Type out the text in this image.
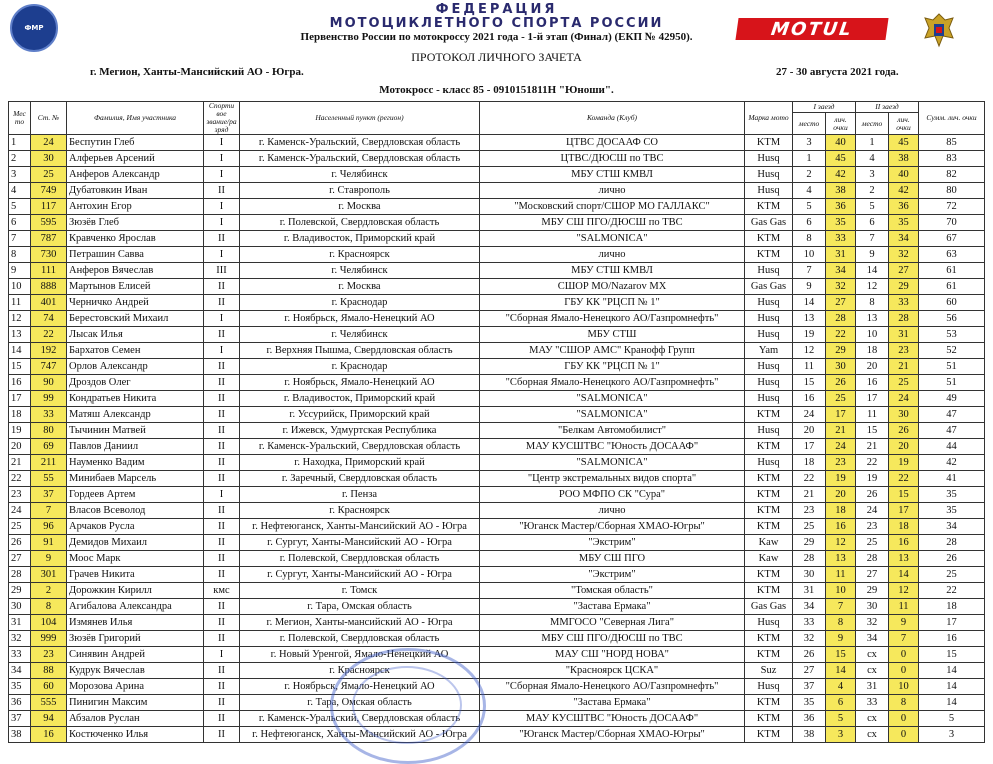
ФМР
ФЕДЕРАЦИЯ
МОТОЦИКЛЕТНОГО СПОРТА РОССИИ
Первенство России по мотокроссу 2021 года - 1-й этап (Финал) (ЕКП № 42950).
ПРОТОКОЛ ЛИЧНОГО ЗАЧЕТА
г. Мегион, Ханты-Мансийский АО - Югра.	27 - 30 августа 2021 года.
Мотокросс - класс 85 - 0910151811Н "Юноши".
MOTUL
Мес то	Ст. №	Фамилия, Имя участника	Спорти вое звание/ра зряд	Населенный пункт (регион)	Команда (Клуб)	Марка мото	I заезд		II заезд		Сумм. лич. очки
							место	лич. очки	место	лич. очки	
1	24	Беспутин Глеб	I	г. Каменск-Уральский, Свердловская область	ЦТВС ДОСААФ СО	KTM	3	40	1	45	85
2	30	Алферьев Арсений	I	г. Каменск-Уральский, Свердловская область	ЦТВС/ДЮСШ по ТВС	Husq	1	45	4	38	83
3	25	Анферов Александр	I	г. Челябинск	МБУ СТШ КМВЛ	Husq	2	42	3	40	82
4	749	Дубатовкин Иван	II	г. Ставрополь	лично	Husq	4	38	2	42	80
5	117	Антохин Егор	I	г. Москва	"Московский спорт/СШОР МО ГАЛЛАКС"	KTM	5	36	5	36	72
6	595	Зюзёв Глеб	I	г. Полевской, Свердловская область	МБУ СШ ПГО/ДЮСШ по ТВС	Gas Gas	6	35	6	35	70
7	787	Кравченко Ярослав	II	г. Владивосток, Приморский край	"SALMONICA"	KTM	8	33	7	34	67
8	730	Петрашин Савва	I	г. Красноярск	лично	KTM	10	31	9	32	63
9	111	Анферов Вячеслав	III	г. Челябинск	МБУ СТШ КМВЛ	Husq	7	34	14	27	61
10	888	Мартынов Елисей	II	г. Москва	СШОР МО/Nazarov MX	Gas Gas	9	32	12	29	61
11	401	Черничко Андрей	II	г. Краснодар	ГБУ КК "РЦСП № 1"	Husq	14	27	8	33	60
12	74	Берестовский Михаил	I	г. Ноябрьск, Ямало-Ненецкий АО	"Сборная Ямало-Ненецкого АО/Газпромнефть"	Husq	13	28	13	28	56
13	22	Лысак Илья	II	г. Челябинск	МБУ СТШ	Husq	19	22	10	31	53
14	192	Бархатов Семен	I	г. Верхняя Пышма, Свердловская область	МАУ "СШОР АМС" Кранофф Групп	Yam	12	29	18	23	52
15	747	Орлов Александр	II	г. Краснодар	ГБУ КК "РЦСП № 1"	Husq	11	30	20	21	51
16	90	Дроздов Олег	II	г. Ноябрьск, Ямало-Ненецкий АО	"Сборная Ямало-Ненецкого АО/Газпромнефть"	Husq	15	26	16	25	51
17	99	Кондратьев Никита	II	г. Владивосток, Приморский край	"SALMONICA"	Husq	16	25	17	24	49
18	33	Матяш Александр	II	г. Уссурийск, Приморский край	"SALMONICA"	KTM	24	17	11	30	47
19	80	Тычинин Матвей	II	г. Ижевск, Удмуртская Республика	"Белкам Автомобилист"	Husq	20	21	15	26	47
20	69	Павлов Даниил	II	г. Каменск-Уральский, Свердловская область	МАУ КУСШТВС "Юность ДОСААФ"	KTM	17	24	21	20	44
21	211	Науменко Вадим	II	г. Находка, Приморский край	"SALMONICA"	Husq	18	23	22	19	42
22	55	Минибаев Марсель	II	г. Заречный, Свердловская область	"Центр экстремальных видов спорта"	KTM	22	19	19	22	41
23	37	Гордеев Артем	I	г. Пенза	РОО МФПО СК "Сура"	KTM	21	20	26	15	35
24	7	Власов Всеволод	II	г. Красноярск	лично	KTM	23	18	24	17	35
25	96	Арчаков Русла	II	г. Нефтеюганск, Ханты-Мансийский АО - Югра	"Юганск Мастер/Сборная ХМАО-Югры"	KTM	25	16	23	18	34
26	91	Демидов Михаил	II	г. Сургут, Ханты-Мансийский АО - Югра	"Экстрим"	Kaw	29	12	25	16	28
27	9	Моос Марк	II	г. Полевской, Свердловская область	МБУ СШ ПГО	Kaw	28	13	28	13	26
28	301	Грачев Никита	II	г. Сургут, Ханты-Мансийский АО - Югра	"Экстрим"	KTM	30	11	27	14	25
29	2	Дорожкин Кирилл	кмс	г. Томск	"Томская область"	KTM	31	10	29	12	22
30	8	Агибалова Александра	II	г. Тара, Омская область	"Застава Ермака"	Gas Gas	34	7	30	11	18
31	104	Измянев Илья	II	г. Мегион, Ханты-мансийский АО - Югра	ММГОСО "Северная Лига"	Husq	33	8	32	9	17
32	999	Зюзёв Григорий	II	г. Полевской, Свердловская область	МБУ СШ ПГО/ДЮСШ по ТВС	KTM	32	9	34	7	16
33	23	Синявин Андрей	I	г. Новый Уренгой, Ямало-Ненецкий АО	МАУ СШ "НОРД НОВА"	KTM	26	15	сх	0	15
34	88	Кудрук Вячеслав	II	г. Красноярск	"Красноярск ЦСКА"	Suz	27	14	сх	0	14
35	60	Морозова Арина	II	г. Ноябрьск, Ямало-Ненецкий АО	"Сборная Ямало-Ненецкого АО/Газпромнефть"	Husq	37	4	31	10	14
36	555	Пинигин Максим	II	г. Тара, Омская область	"Застава Ермака"	KTM	35	6	33	8	14
37	94	Абзалов Руслан	II	г. Каменск-Уральский, Свердловская область	МАУ КУСШТВС "Юность ДОСААФ"	KTM	36	5	сх	0	5
38	16	Костюченко Илья	II	г. Нефтеюганск, Ханты-Мансийский АО - Югра	"Юганск Мастер/Сборная ХМАО-Югры"	KTM	38	3	сх	0	3
